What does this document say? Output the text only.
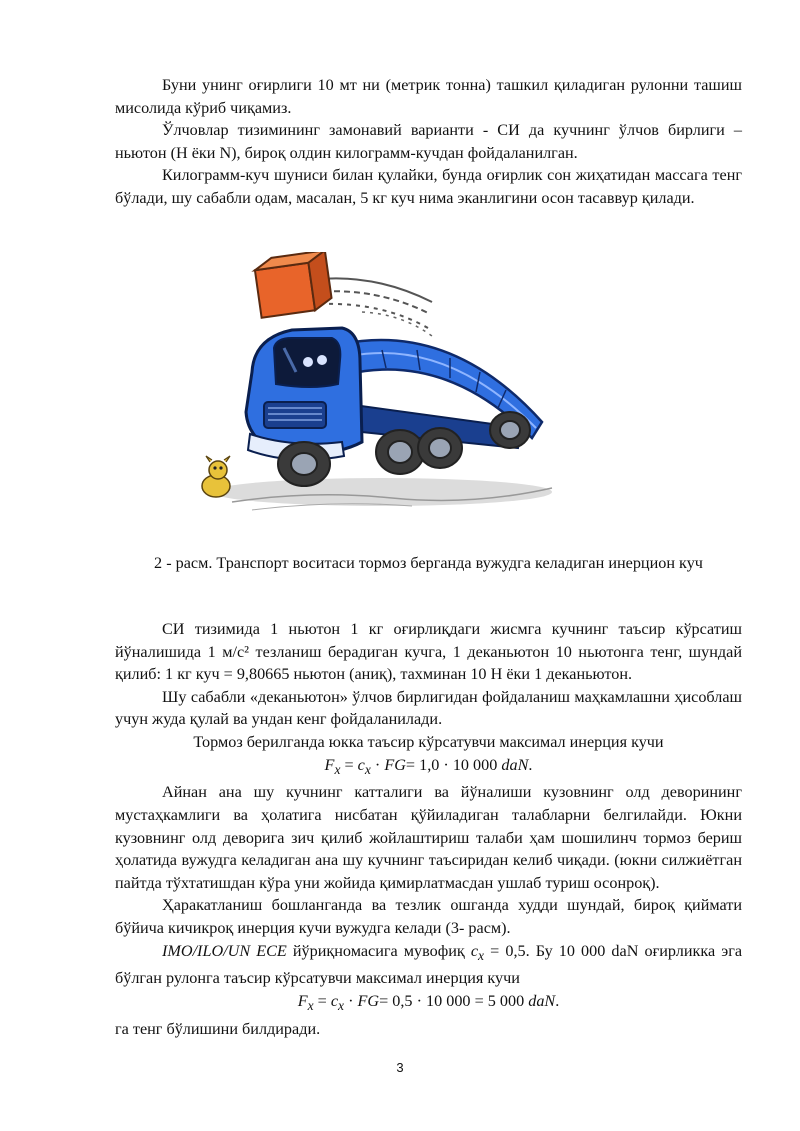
Буни унинг оғирлиги 10 мт ни (метрик тонна) ташкил қиладиган рулонни ташиш мисолида кўриб чиқамиз.

Ўлчовлар тизимининг замонавий варианти - СИ да кучнинг ўлчов бирлиги – ньютон (Н ёки N), бироқ олдин килограмм-кучдан фойдаланилган.

Килограмм-куч шуниси билан қулайки, бунда оғирлик сон жиҳатидан массага тенг бўлади, шу сабабли одам, масалан, 5 кг куч нима эканлигини осон тасаввур қилади.

2 - расм. Транспорт воситаси тормоз берганда вужудга келадиган инерцион куч

СИ тизимида 1 ньютон 1 кг оғирлиқдаги жисмга кучнинг таъсир кўрсатиш йўналишида 1 м/с² тезланиш берадиган кучга, 1 деканьютон 10 ньютонга тенг, шундай қилиб: 1 кг куч = 9,80665 ньютон (аниқ), тахминан 10 Н ёки 1 деканьютон.

Шу сабабли «деканьютон» ўлчов бирлигидан фойдаланиш маҳкамлашни ҳисоблаш учун жуда қулай ва ундан кенг фойдаланилади.

Тормоз берилганда юкка таъсир кўрсатувчи максимал инерция кучи

$F_x = c_x \cdot FG= 1,0 \cdot 10$ 000 daN.

Айнан ана шу кучнинг катталиги ва йўналиши кузовнинг олд деворининг мустаҳкамлиги ва ҳолатига нисбатан қўйиладиган талабларни белгилайди. Юкни кузовнинг олд деворига зич қилиб жойлаштириш талаби ҳам шошилинч тормоз бериш ҳолатида вужудга келадиган ана шу кучнинг таъсиридан келиб чиқади. (юкни силжиётган пайтда тўхтатишдан кўра уни жойида қимирлатмасдан ушлаб туриш осонроқ).

Ҳаракатланиш бошланганда ва тезлик ошганда худди шундай, бироқ қиймати бўйича кичикроқ инерция кучи вужудга келади (3- расм).

IMO/ILO/UN ECE йўриқномасига мувофиқ $c_x = 0,5$. Бу 10 000 daN оғирликка эга бўлган рулонга таъсир кўрсатувчи максимал инерция кучи

$F_x = c_x \cdot FG= 0,5 \cdot 10$ 000 = 5 000 daN.

га тенг бўлишини билдиради.

3
